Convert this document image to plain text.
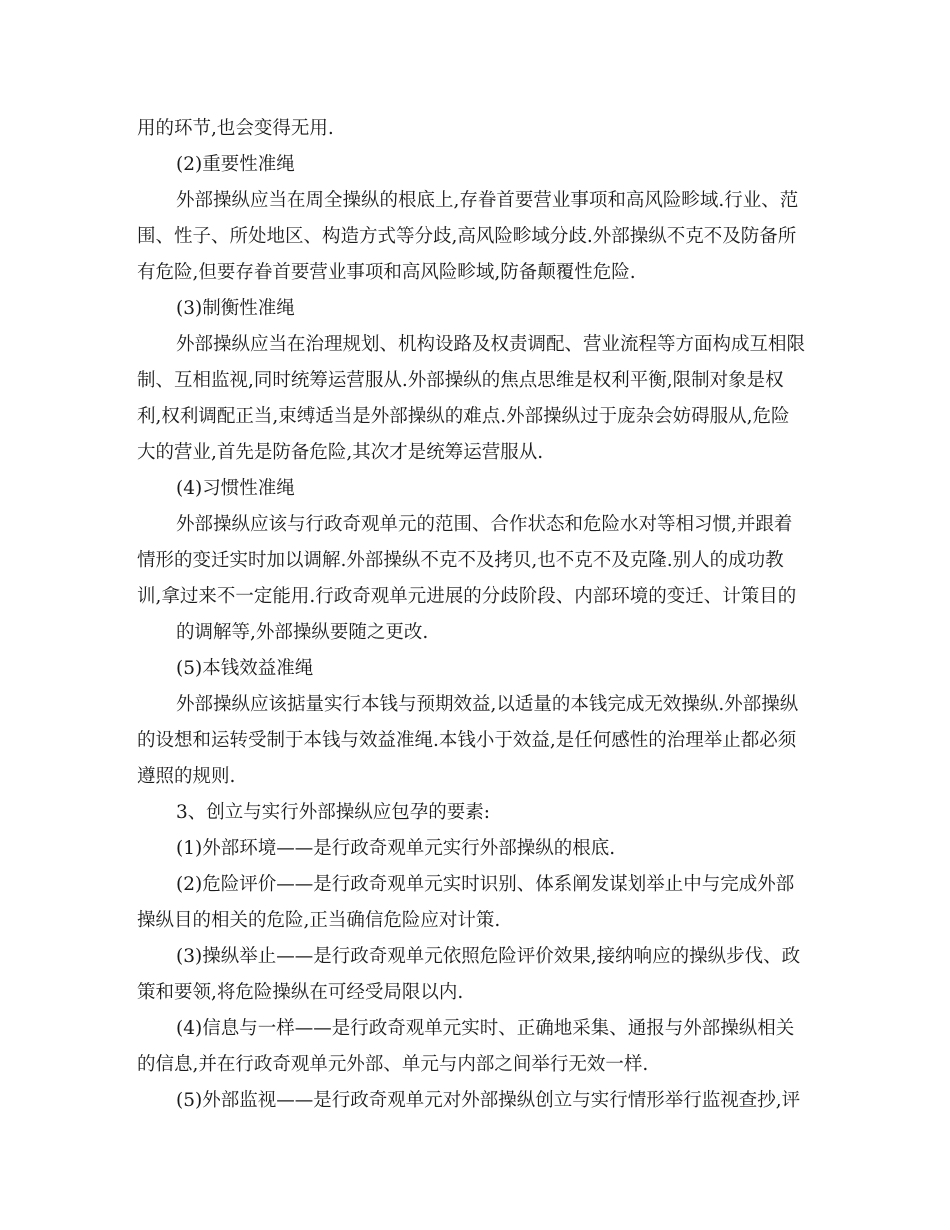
用的环节,也会变得无用.

(2)重要性准绳

外部操纵应当在周全操纵的根底上,存眷首要营业事项和高风险畛域.行业、范

围、性子、所处地区、构造方式等分歧,高风险畛域分歧.外部操纵不克不及防备所

有危险,但要存眷首要营业事项和高风险畛域,防备颠覆性危险.

(3)制衡性准绳

外部操纵应当在治理规划、机构设路及权责调配、营业流程等方面构成互相限

制、互相监视,同时统筹运营服从.外部操纵的焦点思维是权利平衡,限制对象是权

利,权利调配正当,束缚适当是外部操纵的难点.外部操纵过于庞杂会妨碍服从,危险

大的营业,首先是防备危险,其次才是统筹运营服从.

(4)习惯性准绳

外部操纵应该与行政奇观单元的范围、合作状态和危险水对等相习惯,并跟着

情形的变迁实时加以调解.外部操纵不克不及拷贝,也不克不及克隆.别人的成功教

训,拿过来不一定能用.行政奇观单元进展的分歧阶段、内部环境的变迁、计策目的

的调解等,外部操纵要随之更改.

(5)本钱效益准绳

外部操纵应该掂量实行本钱与预期效益,以适量的本钱完成无效操纵.外部操纵

的设想和运转受制于本钱与效益准绳.本钱小于效益,是任何感性的治理举止都必须

遵照的规则.

3、创立与实行外部操纵应包孕的要素:

(1)外部环境——是行政奇观单元实行外部操纵的根底.

(2)危险评价——是行政奇观单元实时识别、体系阐发谋划举止中与完成外部

操纵目的相关的危险,正当确信危险应对计策.

(3)操纵举止——是行政奇观单元依照危险评价效果,接纳响应的操纵步伐、政

策和要领,将危险操纵在可经受局限以内.

(4)信息与一样——是行政奇观单元实时、正确地采集、通报与外部操纵相关

的信息,并在行政奇观单元外部、单元与内部之间举行无效一样.

(5)外部监视——是行政奇观单元对外部操纵创立与实行情形举行监视查抄,评
